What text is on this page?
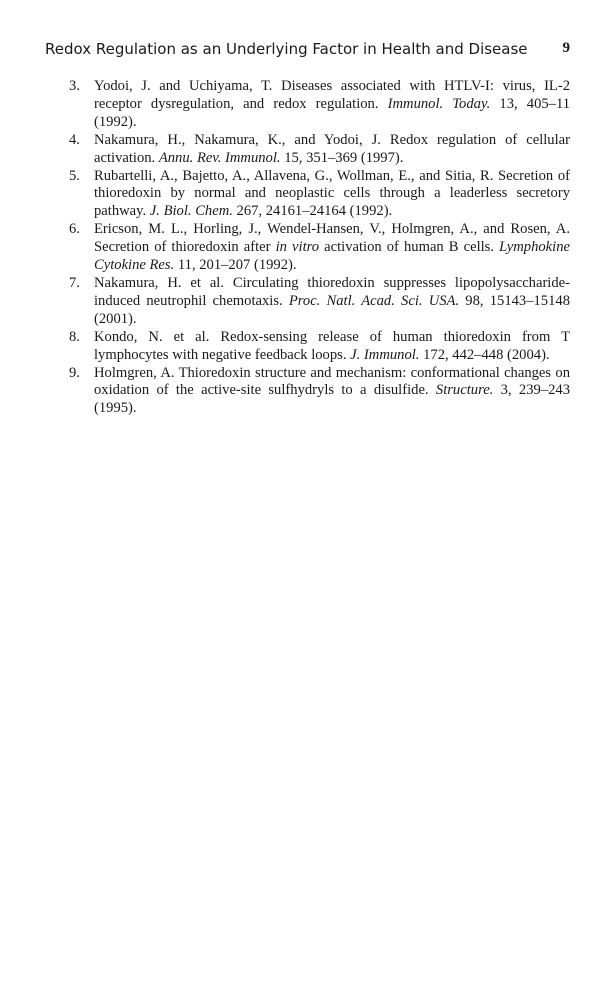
Redox Regulation as an Underlying Factor in Health and Disease 9
3. Yodoi, J. and Uchiyama, T. Diseases associated with HTLV-I: virus, IL-2 receptor dysregulation, and redox regulation. Immunol. Today. 13, 405–11 (1992).
4. Nakamura, H., Nakamura, K., and Yodoi, J. Redox regulation of cellular activation. Annu. Rev. Immunol. 15, 351–369 (1997).
5. Rubartelli, A., Bajetto, A., Allavena, G., Wollman, E., and Sitia, R. Secretion of thioredoxin by normal and neoplastic cells through a leaderless secretory pathway. J. Biol. Chem. 267, 24161–24164 (1992).
6. Ericson, M. L., Horling, J., Wendel-Hansen, V., Holmgren, A., and Rosen, A. Secretion of thioredoxin after in vitro activation of human B cells. Lymphokine Cytokine Res. 11, 201–207 (1992).
7. Nakamura, H. et al. Circulating thioredoxin suppresses lipopolysaccharide-induced neutrophil chemotaxis. Proc. Natl. Acad. Sci. USA. 98, 15143–15148 (2001).
8. Kondo, N. et al. Redox-sensing release of human thioredoxin from T lymphocytes with negative feedback loops. J. Immunol. 172, 442–448 (2004).
9. Holmgren, A. Thioredoxin structure and mechanism: conformational changes on oxidation of the active-site sulfhydryls to a disulfide. Structure. 3, 239–243 (1995).
